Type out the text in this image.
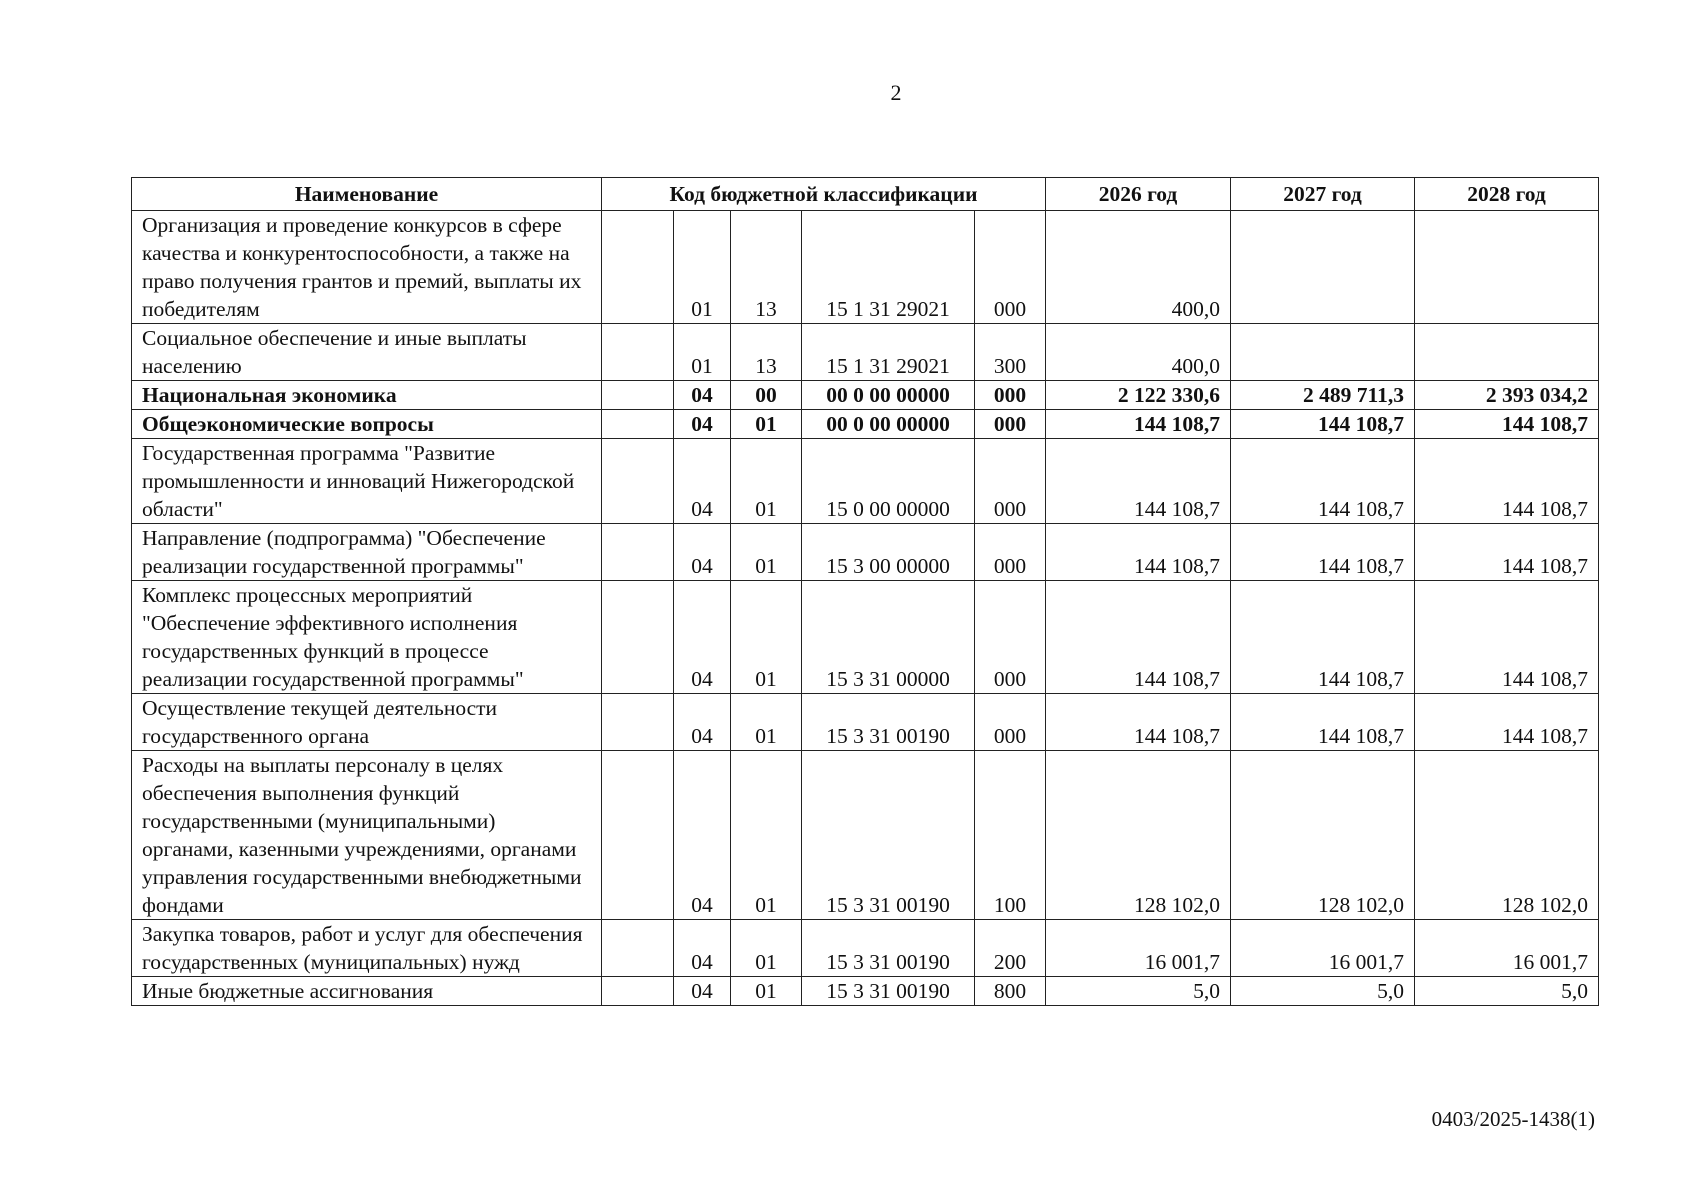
2
Наименование	Код бюджетной классификации					2026 год	2027 год	2028 год
Организация и проведение конкурсов в сфере качества и конкурентоспособности, а также на право получения грантов и премий, выплаты их победителям		01	13	15 1 31 29021	000	400,0		
Социальное обеспечение и иные выплаты населению		01	13	15 1 31 29021	300	400,0		
Национальная экономика		04	00	00 0 00 00000	000	2 122 330,6	2 489 711,3	2 393 034,2
Общеэкономические вопросы		04	01	00 0 00 00000	000	144 108,7	144 108,7	144 108,7
Государственная программа "Развитие промышленности и инноваций Нижегородской области"		04	01	15 0 00 00000	000	144 108,7	144 108,7	144 108,7
Направление (подпрограмма) "Обеспечение реализации государственной программы"		04	01	15 3 00 00000	000	144 108,7	144 108,7	144 108,7
Комплекс процессных мероприятий "Обеспечение эффективного исполнения государственных функций в процессе реализации государственной программы"		04	01	15 3 31 00000	000	144 108,7	144 108,7	144 108,7
Осуществление текущей деятельности государственного органа		04	01	15 3 31 00190	000	144 108,7	144 108,7	144 108,7
Расходы на выплаты персоналу в целях обеспечения выполнения функций государственными (муниципальными) органами, казенными учреждениями, органами управления государственными внебюджетными фондами		04	01	15 3 31 00190	100	128 102,0	128 102,0	128 102,0
Закупка товаров, работ и услуг для обеспечения государственных (муниципальных) нужд		04	01	15 3 31 00190	200	16 001,7	16 001,7	16 001,7
Иные бюджетные ассигнования		04	01	15 3 31 00190	800	5,0	5,0	5,0
0403/2025-1438(1)
